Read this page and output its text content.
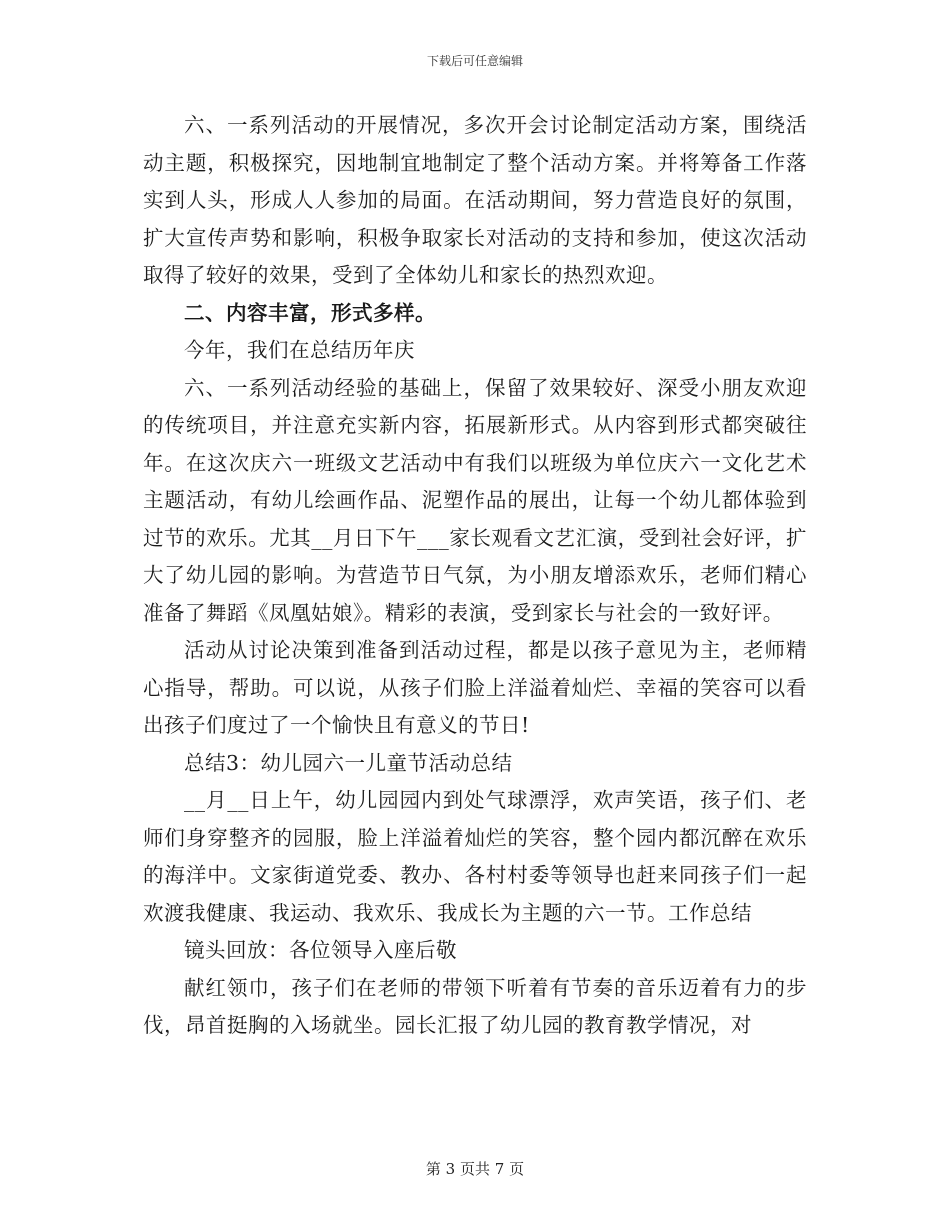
下载后可任意编辑

六、一系列活动的开展情况，多次开会讨论制定活动方案，围绕活动主题，积极探究，因地制宜地制定了整个活动方案。并将筹备工作落实到人头，形成人人参加的局面。在活动期间，努力营造良好的氛围，扩大宣传声势和影响，积极争取家长对活动的支持和参加，使这次活动取得了较好的效果，受到了全体幼儿和家长的热烈欢迎。

二、内容丰富，形式多样。

今年，我们在总结历年庆

六、一系列活动经验的基础上，保留了效果较好、深受小朋友欢迎的传统项目，并注意充实新内容，拓展新形式。从内容到形式都突破往年。在这次庆六一班级文艺活动中有我们以班级为单位庆六一文化艺术主题活动，有幼儿绘画作品、泥塑作品的展出，让每一个幼儿都体验到过节的欢乐。尤其__月日下午___家长观看文艺汇演，受到社会好评，扩大了幼儿园的影响。为营造节日气氛，为小朋友增添欢乐，老师们精心准备了舞蹈《凤凰姑娘》。精彩的表演，受到家长与社会的一致好评。

活动从讨论决策到准备到活动过程，都是以孩子意见为主，老师精心指导，帮助。可以说，从孩子们脸上洋溢着灿烂、幸福的笑容可以看出孩子们度过了一个愉快且有意义的节日!

总结3：幼儿园六一儿童节活动总结

__月__日上午，幼儿园园内到处气球漂浮，欢声笑语，孩子们、老师们身穿整齐的园服，脸上洋溢着灿烂的笑容，整个园内都沉醉在欢乐的海洋中。文家街道党委、教办、各村村委等领导也赶来同孩子们一起欢渡我健康、我运动、我欢乐、我成长为主题的六一节。工作总结

镜头回放：各位领导入座后敬

献红领巾，孩子们在老师的带领下听着有节奏的音乐迈着有力的步伐，昂首挺胸的入场就坐。园长汇报了幼儿园的教育教学情况，对

第 3 页共 7 页
